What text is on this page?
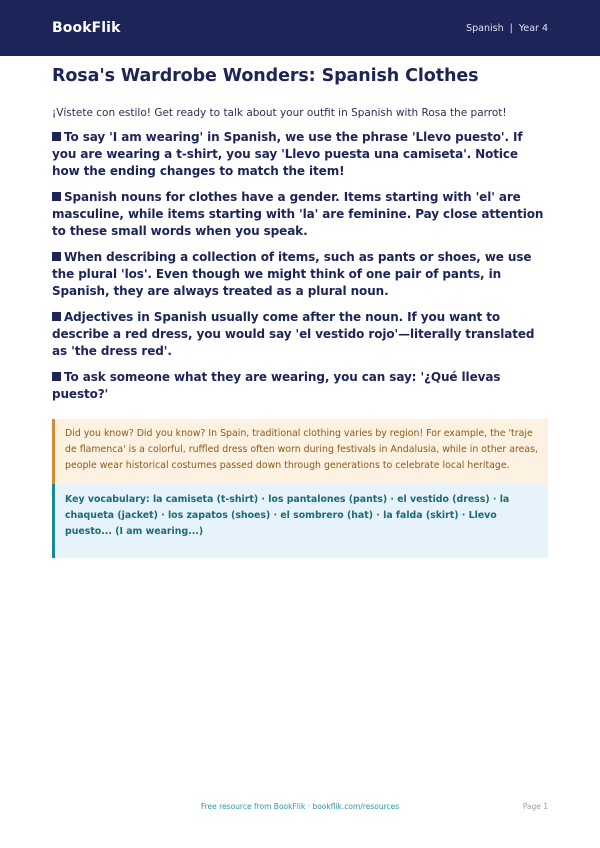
BookFlik	Spanish | Year 4
Rosa's Wardrobe Wonders: Spanish Clothes

¡Vístete con estilo! Get ready to talk about your outfit in Spanish with Rosa the parrot!

To say 'I am wearing' in Spanish, we use the phrase 'Llevo puesto'. If you are wearing a t-shirt, you say 'Llevo puesta una camiseta'. Notice how the ending changes to match the item!
Spanish nouns for clothes have a gender. Items starting with 'el' are masculine, while items starting with 'la' are feminine. Pay close attention to these small words when you speak.
When describing a collection of items, such as pants or shoes, we use the plural 'los'. Even though we might think of one pair of pants, in Spanish, they are always treated as a plural noun.
Adjectives in Spanish usually come after the noun. If you want to describe a red dress, you would say 'el vestido rojo'—literally translated as 'the dress red'.
To ask someone what they are wearing, you can say: '¿Qué llevas puesto?'
Did you know? Did you know? In Spain, traditional clothing varies by region! For example, the 'traje de flamenca' is a colorful, ruffled dress often worn during festivals in Andalusia, while in other areas, people wear historical costumes passed down through generations to celebrate local heritage.
Key vocabulary: la camiseta (t-shirt) · los pantalones (pants) · el vestido (dress) · la chaqueta (jacket) · los zapatos (shoes) · el sombrero (hat) · la falda (skirt) · Llevo puesto... (I am wearing...)
Free resource from BookFlik · bookflik.com/resources	Page 1
